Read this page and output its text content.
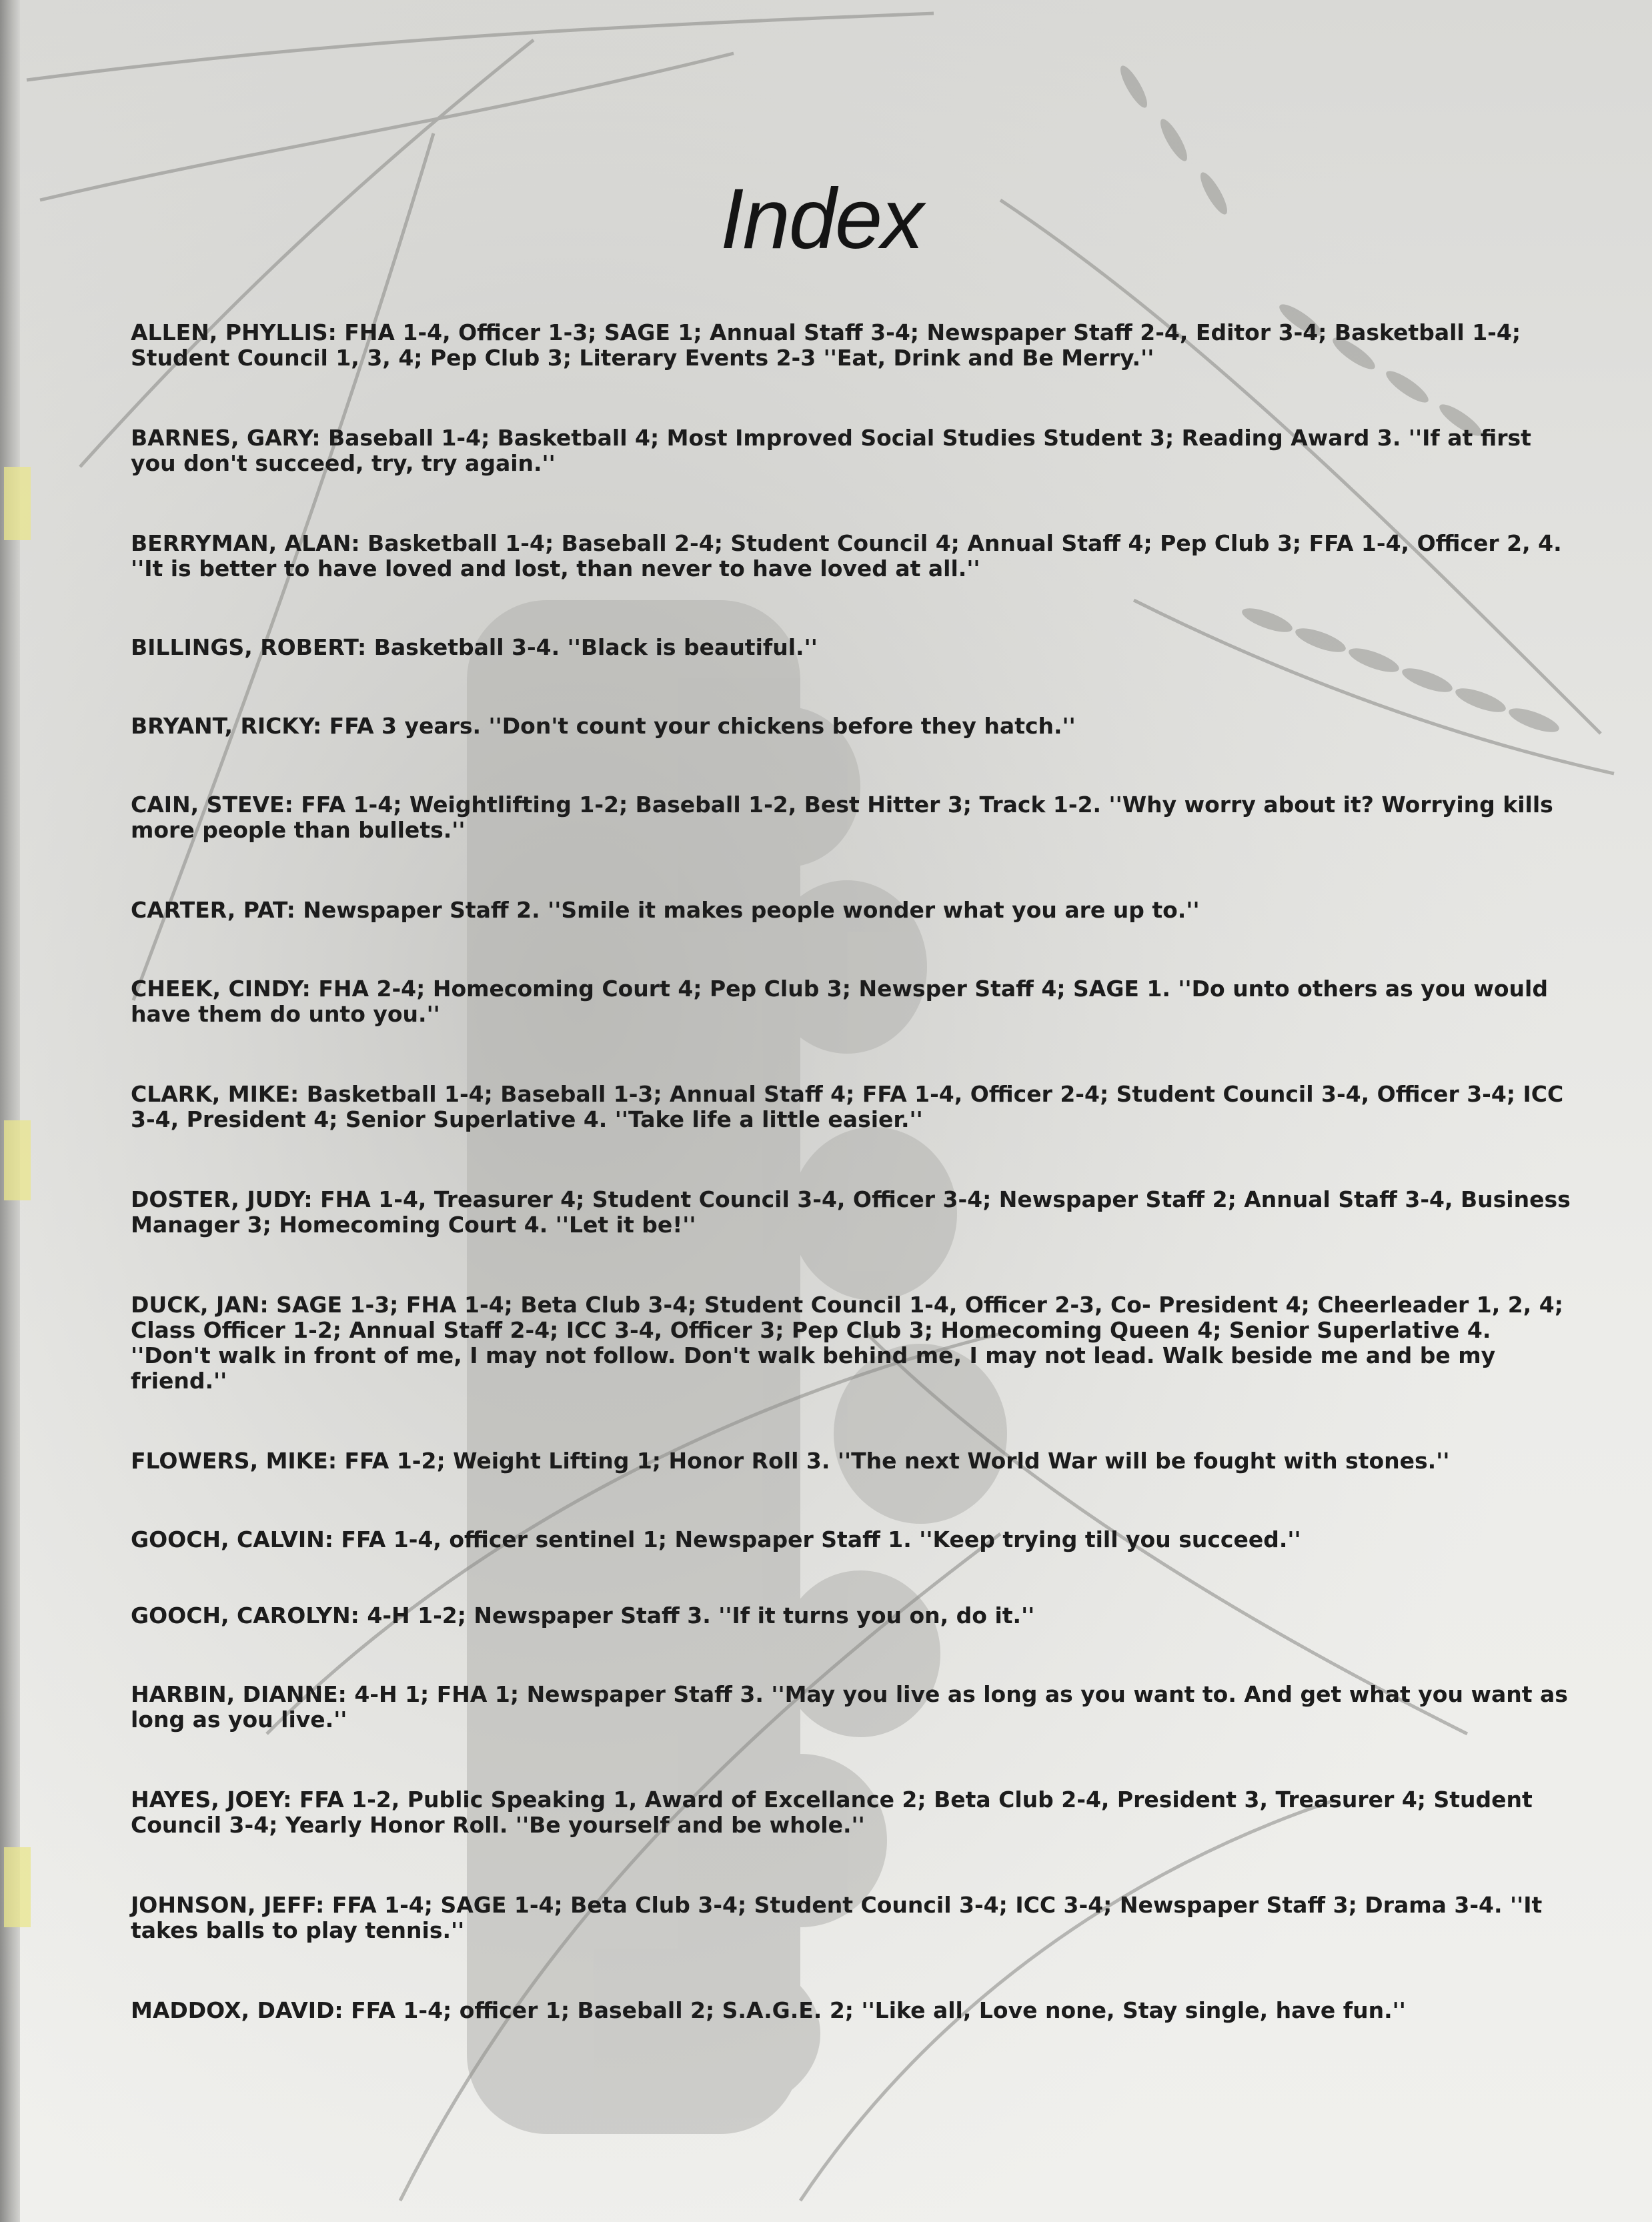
Index
ALLEN, PHYLLIS: FHA 1-4, Officer 1-3; SAGE 1; Annual Staff 3-4; Newspaper Staff 2-4, Editor 3-4; Basketball 1-4; Student Council 1, 3, 4; Pep Club 3; Literary Events 2-3 ''Eat, Drink and Be Merry.''
BARNES, GARY: Baseball 1-4; Basketball 4; Most Improved Social Studies Student 3; Reading Award 3. ''If at first you don't succeed, try, try again.''
BERRYMAN, ALAN: Basketball 1-4; Baseball 2-4; Student Council 4; Annual Staff 4; Pep Club 3; FFA 1-4, Officer 2, 4. ''It is better to have loved and lost, than never to have loved at all.''
BILLINGS, ROBERT: Basketball 3-4. ''Black is beautiful.''
BRYANT, RICKY: FFA 3 years. ''Don't count your chickens before they hatch.''
CAIN, STEVE: FFA 1-4; Weightlifting 1-2; Baseball 1-2, Best Hitter 3; Track 1-2. ''Why worry about it? Worrying kills more people than bullets.''
CARTER, PAT: Newspaper Staff 2. ''Smile it makes people wonder what you are up to.''
CHEEK, CINDY: FHA 2-4; Homecoming Court 4; Pep Club 3; Newsper Staff 4; SAGE 1. ''Do unto others as you would have them do unto you.''
CLARK, MIKE: Basketball 1-4; Baseball 1-3; Annual Staff 4; FFA 1-4, Officer 2-4; Student Council 3-4, Officer 3-4; ICC 3-4, President 4; Senior Superlative 4. ''Take life a little easier.''
DOSTER, JUDY: FHA 1-4, Treasurer 4; Student Council 3-4, Officer 3-4; Newspaper Staff 2; Annual Staff 3-4, Business Manager 3; Homecoming Court 4. ''Let it be!''
DUCK, JAN: SAGE 1-3; FHA 1-4; Beta Club 3-4; Student Council 1-4, Officer 2-3, Co- President 4; Cheerleader 1, 2, 4; Class Officer 1-2; Annual Staff 2-4; ICC 3-4, Officer 3; Pep Club 3; Homecoming Queen 4; Senior Superlative 4. ''Don't walk in front of me, I may not follow. Don't walk behind me, I may not lead. Walk beside me and be my friend.''
FLOWERS, MIKE: FFA 1-2; Weight Lifting 1; Honor Roll 3. ''The next World War will be fought with stones.''
GOOCH, CALVIN: FFA 1-4, officer sentinel 1; Newspaper Staff 1. ''Keep trying till you succeed.''
GOOCH, CAROLYN: 4-H 1-2; Newspaper Staff 3. ''If it turns you on, do it.''
HARBIN, DIANNE: 4-H 1; FHA 1; Newspaper Staff 3. ''May you live as long as you want to. And get what you want as long as you live.''
HAYES, JOEY: FFA 1-2, Public Speaking 1, Award of Excellance 2; Beta Club 2-4, President 3, Treasurer 4; Student Council 3-4; Yearly Honor Roll. ''Be yourself and be whole.''
JOHNSON, JEFF: FFA 1-4; SAGE 1-4; Beta Club 3-4; Student Council 3-4; ICC 3-4; Newspaper Staff 3; Drama 3-4. ''It takes balls to play tennis.''
MADDOX, DAVID: FFA 1-4; officer 1; Baseball 2; S.A.G.E. 2; ''Like all, Love none, Stay single, have fun.''
